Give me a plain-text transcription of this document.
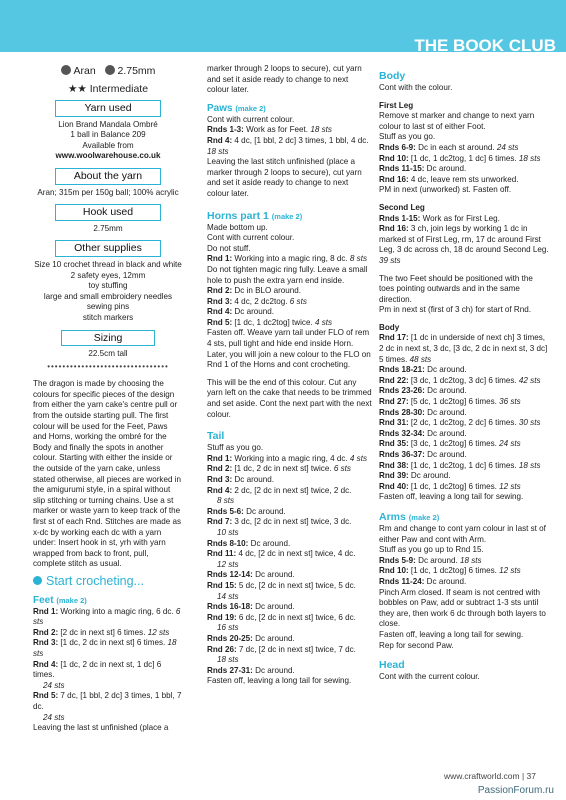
THE BOOK CLUB
Aran 2.75mm
★★ Intermediate
Yarn used
Lion Brand Mandala Ombré
1 ball in Balance 209
Available from
www.woolwarehouse.co.uk
About the yarn
Aran; 315m per 150g ball; 100% acrylic
Hook used
2.75mm
Other supplies
Size 10 crochet thread in black and white
2 safety eyes, 12mm
toy stuffing
large and small embroidery needles
sewing pins
stitch markers
Sizing
22.5cm tall
••••••••••••••••••••••••••••••••

The dragon is made by choosing the colours for specific pieces of the design from either the yarn cake's centre pull or from the outside starting pull. The first colour will be used for the Feet, Paws and Horns, working the ombré for the Body and finally the spots in another colour. Starting with either the inside or the outside of the yarn cake, unless stated otherwise, all pieces are worked in the amigurumi style, in a spiral without slip stitching or turning chains. Use a st marker or waste yarn to keep track of the first st of each Rnd. Stitches are made as x-dc by working each dc with a yarn under: Insert hook in st, yrh with yarn wrapped from back to front, pull, complete stitch as usual.

Start crocheting...
Feet (make 2)
Rnd 1: Working into a magic ring, 6 dc. 6 sts
Rnd 2: [2 dc in next st] 6 times. 12 sts
Rnd 3: [1 dc, 2 dc in next st] 6 times. 18 sts
Rnd 4: [1 dc, 2 dc in next st, 1 dc] 6 times.
24 sts
Rnd 5: 7 dc, [1 bbl, 2 dc] 3 times, 1 bbl, 7 dc.
24 sts
Leaving the last st unfinished (place a

marker through 2 loops to secure), cut yarn and set it aside ready to change to next colour later.

Paws (make 2)
Cont with current colour.
Rnds 1-3: Work as for Feet. 18 sts
Rnd 4: 4 dc, [1 bbl, 2 dc] 3 times, 1 bbl, 4 dc. 18 sts

Leaving the last stitch unfinished (place a marker through 2 loops to secure), cut yarn and set it aside ready to change to next colour later.

Horns part 1 (make 2)
Made bottom up.
Cont with current colour.
Do not stuff.
Rnd 1: Working into a magic ring, 8 dc. 8 sts
Do not tighten magic ring fully. Leave a small hole to push the extra yarn end inside.
Rnd 2: Dc in BLO around.
Rnd 3: 4 dc, 2 dc2tog. 6 sts
Rnd 4: Dc around.
Rnd 5: [1 dc, 1 dc2tog] twice. 4 sts

Fasten off. Weave yarn tail under FLO of rem 4 sts, pull tight and hide end inside Horn. Later, you will join a new colour to the FLO on Rnd 1 of the Horns and cont crocheting.

This will be the end of this colour. Cut any yarn left on the cake that needs to be trimmed and set aside. Cont the next part with the next colour.

Tail
Stuff as you go.
Rnd 1: Working into a magic ring, 4 dc. 4 sts
Rnd 2: [1 dc, 2 dc in next st] twice. 6 sts
Rnd 3: Dc around.
Rnd 4: 2 dc, [2 dc in next st] twice, 2 dc.
8 sts
Rnds 5-6: Dc around.
Rnd 7: 3 dc, [2 dc in next st] twice, 3 dc.
10 sts
Rnds 8-10: Dc around.
Rnd 11: 4 dc, [2 dc in next st] twice, 4 dc.
12 sts
Rnds 12-14: Dc around.
Rnd 15: 5 dc, [2 dc in next st] twice, 5 dc.
14 sts
Rnds 16-18: Dc around.
Rnd 19: 6 dc, [2 dc in next st] twice, 6 dc.
16 sts
Rnds 20-25: Dc around.
Rnd 26: 7 dc, [2 dc in next st] twice, 7 dc.
18 sts
Rnds 27-31: Dc around.
Fasten off, leaving a long tail for sewing.
Body
Cont with the colour.
First Leg
Remove st marker and change to next yarn colour to last st of either Foot.
Stuff as you go.
Rnds 6-9: Dc in each st around. 24 sts
Rnd 10: [1 dc, 1 dc2tog, 1 dc] 6 times. 18 sts
Rnds 11-15: Dc around.
Rnd 16: 4 dc, leave rem sts unworked.
PM in next (unworked) st. Fasten off.
Second Leg
Rnds 1-15: Work as for First Leg.
Rnd 16: 3 ch, join legs by working 1 dc in marked st of First Leg, rm, 17 dc around First Leg, 3 dc across ch, 18 dc around Second Leg. 39 sts

The two Feet should be positioned with the toes pointing outwards and in the same direction.

Pm in next st (first of 3 ch) for start of Rnd.

Body
Rnd 17: [1 dc in underside of next ch] 3 times, 2 dc in next st, 3 dc, [3 dc, 2 dc in next st, 3 dc] 5 times. 48 sts
Rnds 18-21: Dc around.
Rnd 22: [3 dc, 1 dc2tog, 3 dc] 6 times. 42 sts
Rnds 23-26: Dc around.
Rnd 27: [5 dc, 1 dc2tog] 6 times. 36 sts
Rnds 28-30: Dc around.
Rnd 31: [2 dc, 1 dc2tog, 2 dc] 6 times. 30 sts
Rnds 32-34: Dc around.
Rnd 35: [3 dc, 1 dc2tog] 6 times. 24 sts
Rnds 36-37: Dc around.
Rnd 38: [1 dc, 1 dc2tog, 1 dc] 6 times. 18 sts
Rnd 39: Dc around.
Rnd 40: [1 dc, 1 dc2tog] 6 times. 12 sts
Fasten off, leaving a long tail for sewing.
Arms (make 2)
Rm and change to cont yarn colour in last st of either Paw and cont with Arm.
Stuff as you go up to Rnd 15.
Rnds 5-9: Dc around. 18 sts
Rnd 10: [1 dc, 1 dc2tog] 6 times. 12 sts
Rnds 11-24: Dc around.

Pinch Arm closed. If seam is not centred with bobbles on Paw, add or subtract 1-3 sts until they are, then work 6 dc through both layers to close.

Fasten off, leaving a long tail for sewing.
Rep for second Paw.
Head
Cont with the current colour.
www.craftworld.com | 37
PassionForum.ru
